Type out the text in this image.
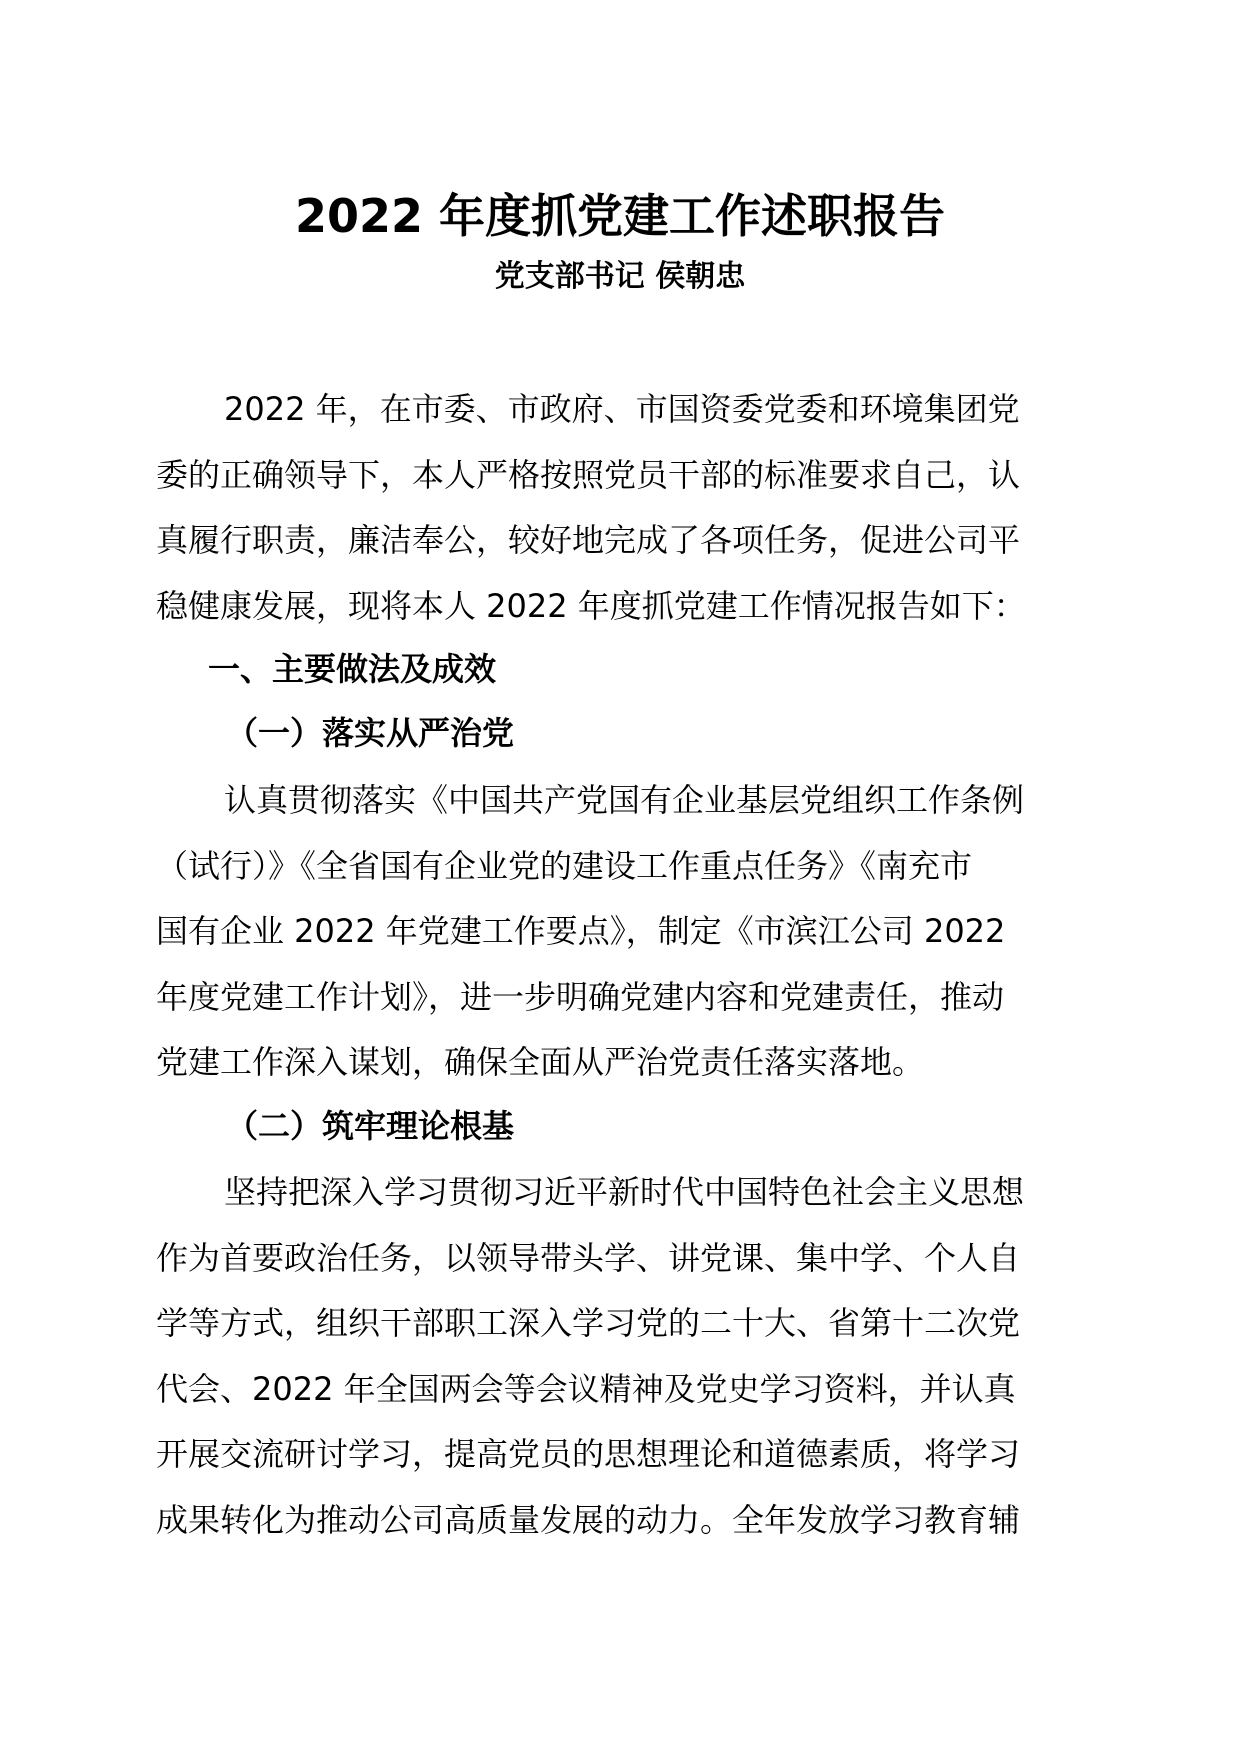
2022 年度抓党建工作述职报告
党支部书记 侯朝忠
2022 年，在市委、市政府、市国资委党委和环境集团党
委的正确领导下，本人严格按照党员干部的标准要求自己，认
真履行职责，廉洁奉公，较好地完成了各项任务，促进公司平
稳健康发展，现将本人 2022 年度抓党建工作情况报告如下：
一、主要做法及成效
（一）落实从严治党
认真贯彻落实《中国共产党国有企业基层党组织工作条例
（试行）》《全省国有企业党的建设工作重点任务》《南充市
国有企业 2022 年党建工作要点》，制定《市滨江公司 2022
年度党建工作计划》，进一步明确党建内容和党建责任，推动
党建工作深入谋划，确保全面从严治党责任落实落地。
（二）筑牢理论根基
坚持把深入学习贯彻习近平新时代中国特色社会主义思想
作为首要政治任务，以领导带头学、讲党课、集中学、个人自
学等方式，组织干部职工深入学习党的二十大、省第十二次党
代会、2022 年全国两会等会议精神及党史学习资料，并认真
开展交流研讨学习，提高党员的思想理论和道德素质，将学习
成果转化为推动公司高质量发展的动力。全年发放学习教育辅
